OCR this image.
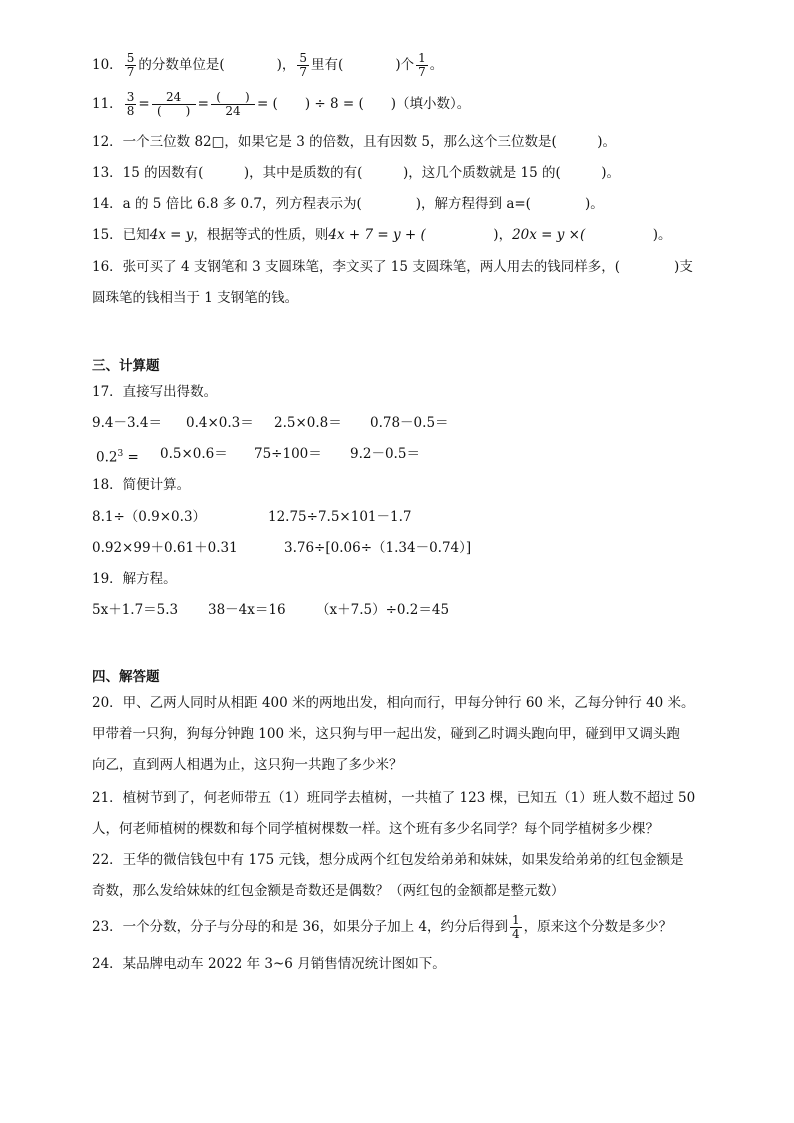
10． $\frac{5}{7}$ 的分数单位是(	)， $\frac{5}{7}$ 里有(	)个 $\frac{1}{7}$ 。
11． $\frac{3}{8} = \frac{24}{( )} = \frac{( )}{24}$ = (　　) ÷ 8 = (　　)（填小数）。
12．一个三位数 82□，如果它是 3 的倍数，且有因数 5，那么这个三位数是(　　　)。
13．15 的因数有(　　　)，其中是质数的有(　　　)，这几个质数就是 15 的(　　　)。
14．a 的 5 倍比 6.8 多 0.7，列方程表示为(　　　　)，解方程得到 a=(　　　　)。
15．已知4x = y，根据等式的性质，则4x + 7 = y + (　　　　　)，20x = y ×(　　　　　)。
16．张可买了 4 支钢笔和 3 支圆珠笔，李文买了 15 支圆珠笔，两人用去的钱同样多，(　　　　)支
圆珠笔的钱相当于 1 支钢笔的钱。
三、计算题
17．直接写出得数。
9.4－3.4＝ 0.4×0.3＝ 2.5×0.8＝ 0.78－0.5＝
$0.2^3 = 0.5\times 0.6= 75\div 100= 9.2-0.5=$
18．简便计算。
8.1÷（0.9×0.3）	12.75÷7.5×101－1.7
0.92×99＋0.61＋0.31	3.76÷[0.06÷（1.34－0.74）]
19．解方程。
5x＋1.7＝5.3 38－4x＝16 （x＋7.5）÷0.2＝45
四、解答题
20．甲、乙两人同时从相距 400 米的两地出发，相向而行，甲每分钟行 60 米，乙每分钟行 40 米。
甲带着一只狗，狗每分钟跑 100 米，这只狗与甲一起出发，碰到乙时调头跑向甲，碰到甲又调头跑
向乙，直到两人相遇为止，这只狗一共跑了多少米？
21．植树节到了，何老师带五（1）班同学去植树，一共植了 123 棵，已知五（1）班人数不超过 50
人，何老师植树的棵数和每个同学植树棵数一样。这个班有多少名同学？每个同学植树多少棵？
22．王华的微信钱包中有 175 元钱，想分成两个红包发给弟弟和妹妹，如果发给弟弟的红包金额是
奇数，那么发给妹妹的红包金额是奇数还是偶数？（两红包的金额都是整元数）
23．一个分数，分子与分母的和是 36，如果分子加上 4，约分后得到 $\frac{1}{4}$ ，原来这个分数是多少？
24．某品牌电动车 2022 年 3~6 月销售情况统计图如下。
